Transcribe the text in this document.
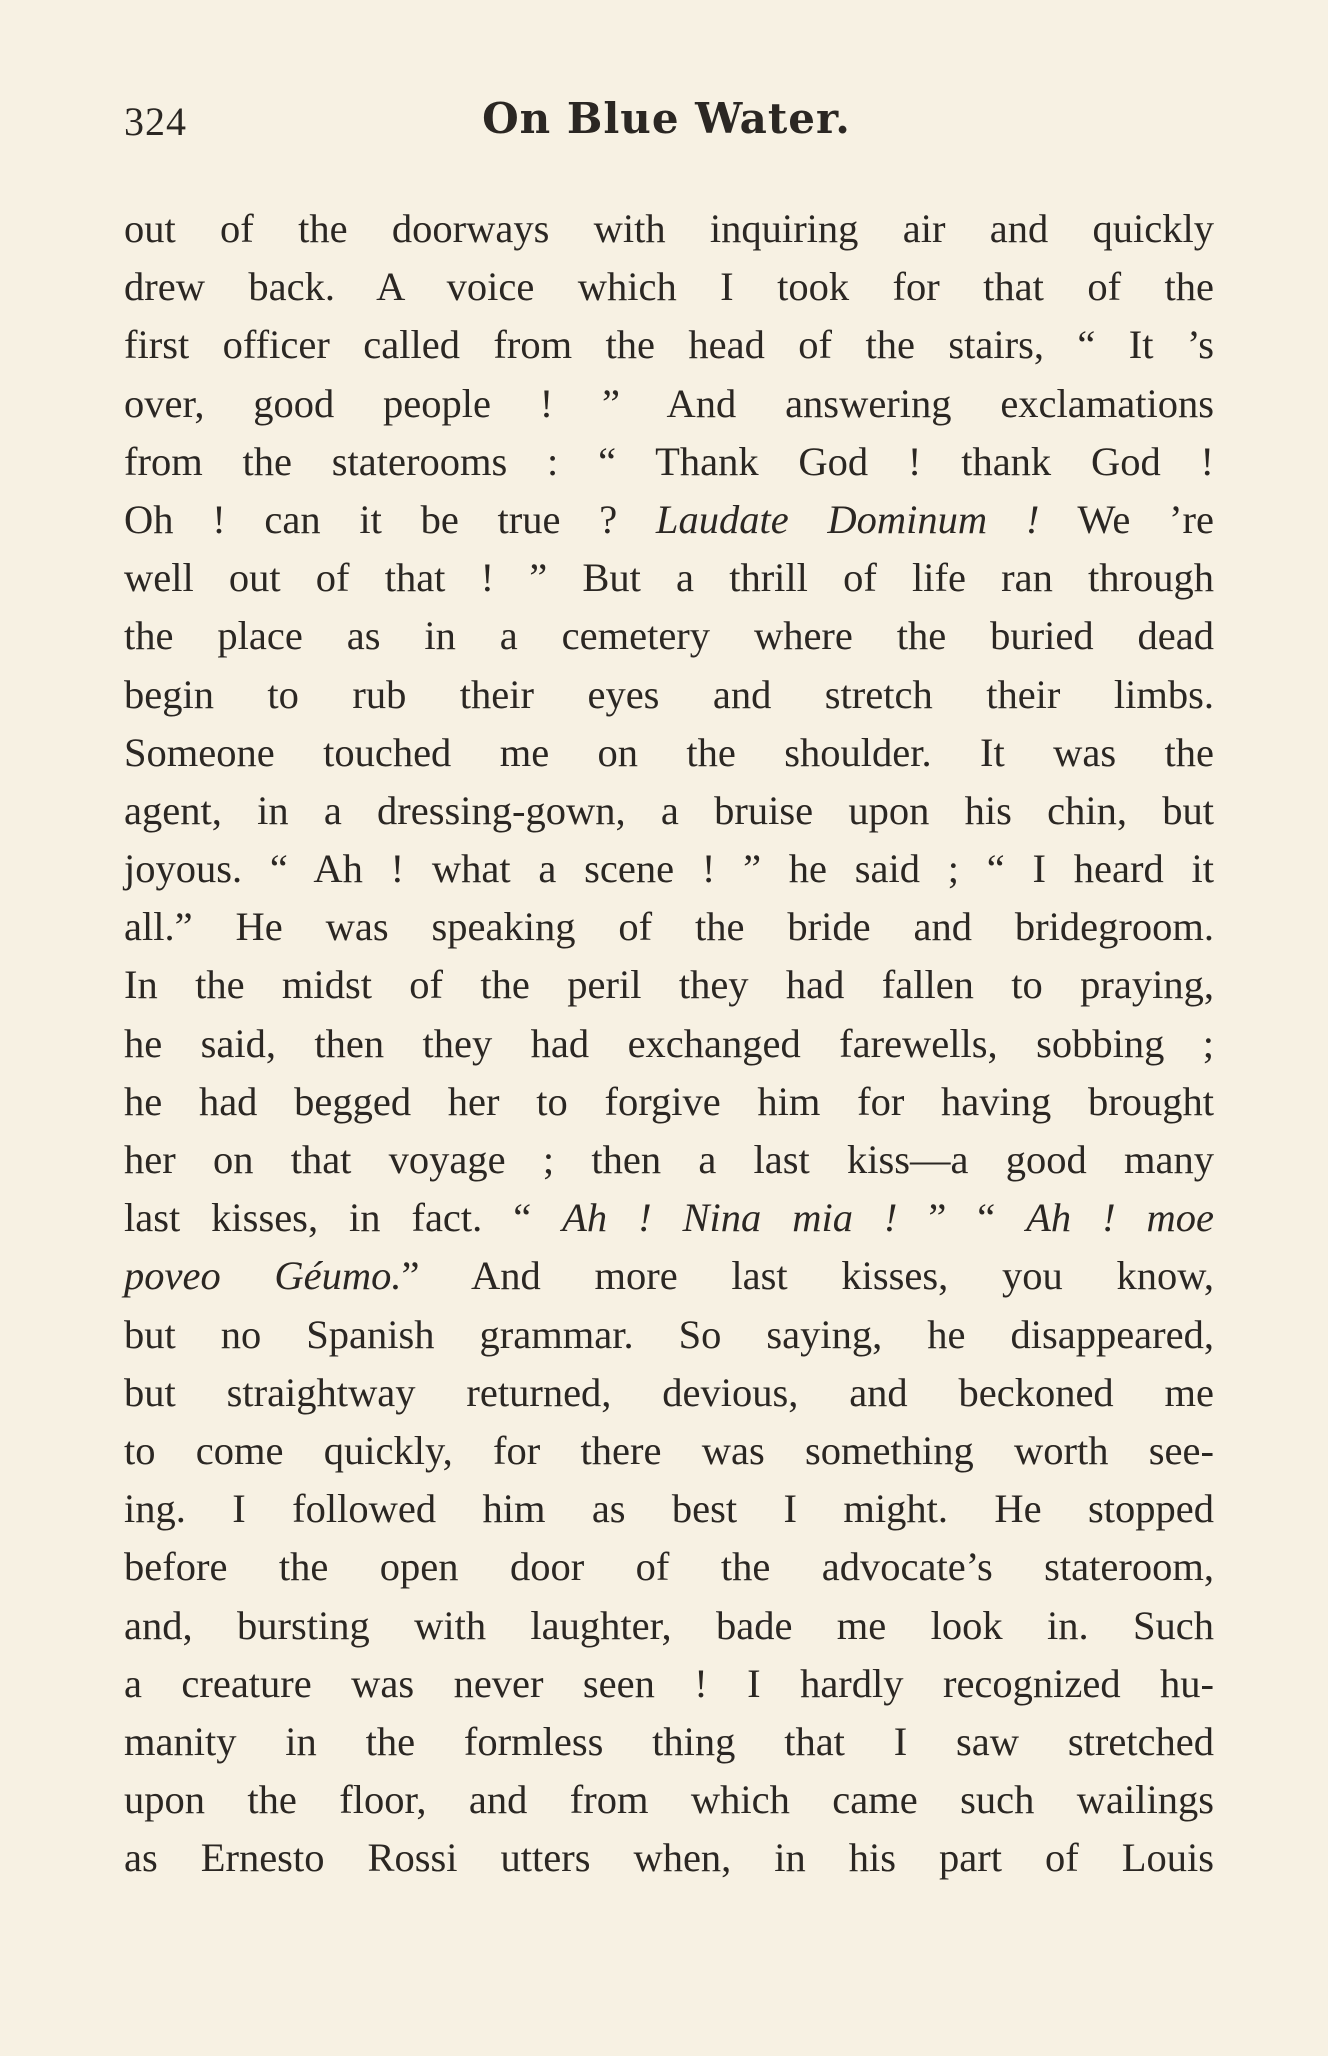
324	On Blue Water.
out of the doorways with inquiring air and quickly
drew back. A voice which I took for that of the
first officer called from the head of the stairs, “ It ’s
over, good people ! ” And answering exclamations
from the staterooms : “ Thank God ! thank God !
Oh ! can it be true ? Laudate Dominum ! We ’re
well out of that ! ” But a thrill of life ran through
the place as in a cemetery where the buried dead
begin to rub their eyes and stretch their limbs.
Someone touched me on the shoulder. It was the
agent, in a dressing-gown, a bruise upon his chin, but
joyous. “ Ah ! what a scene ! ” he said ; “ I heard it
all.” He was speaking of the bride and bridegroom.
In the midst of the peril they had fallen to praying,
he said, then they had exchanged farewells, sobbing ;
he had begged her to forgive him for having brought
her on that voyage ; then a last kiss—a good many
last kisses, in fact. “ Ah ! Nina mia ! ” “ Ah ! moe
poveo Géumo.” And more last kisses, you know,
but no Spanish grammar. So saying, he disappeared,
but straightway returned, devious, and beckoned me
to come quickly, for there was something worth see-
ing. I followed him as best I might. He stopped
before the open door of the advocate’s stateroom,
and, bursting with laughter, bade me look in. Such
a creature was never seen ! I hardly recognized hu-
manity in the formless thing that I saw stretched
upon the floor, and from which came such wailings
as Ernesto Rossi utters when, in his part of Louis
